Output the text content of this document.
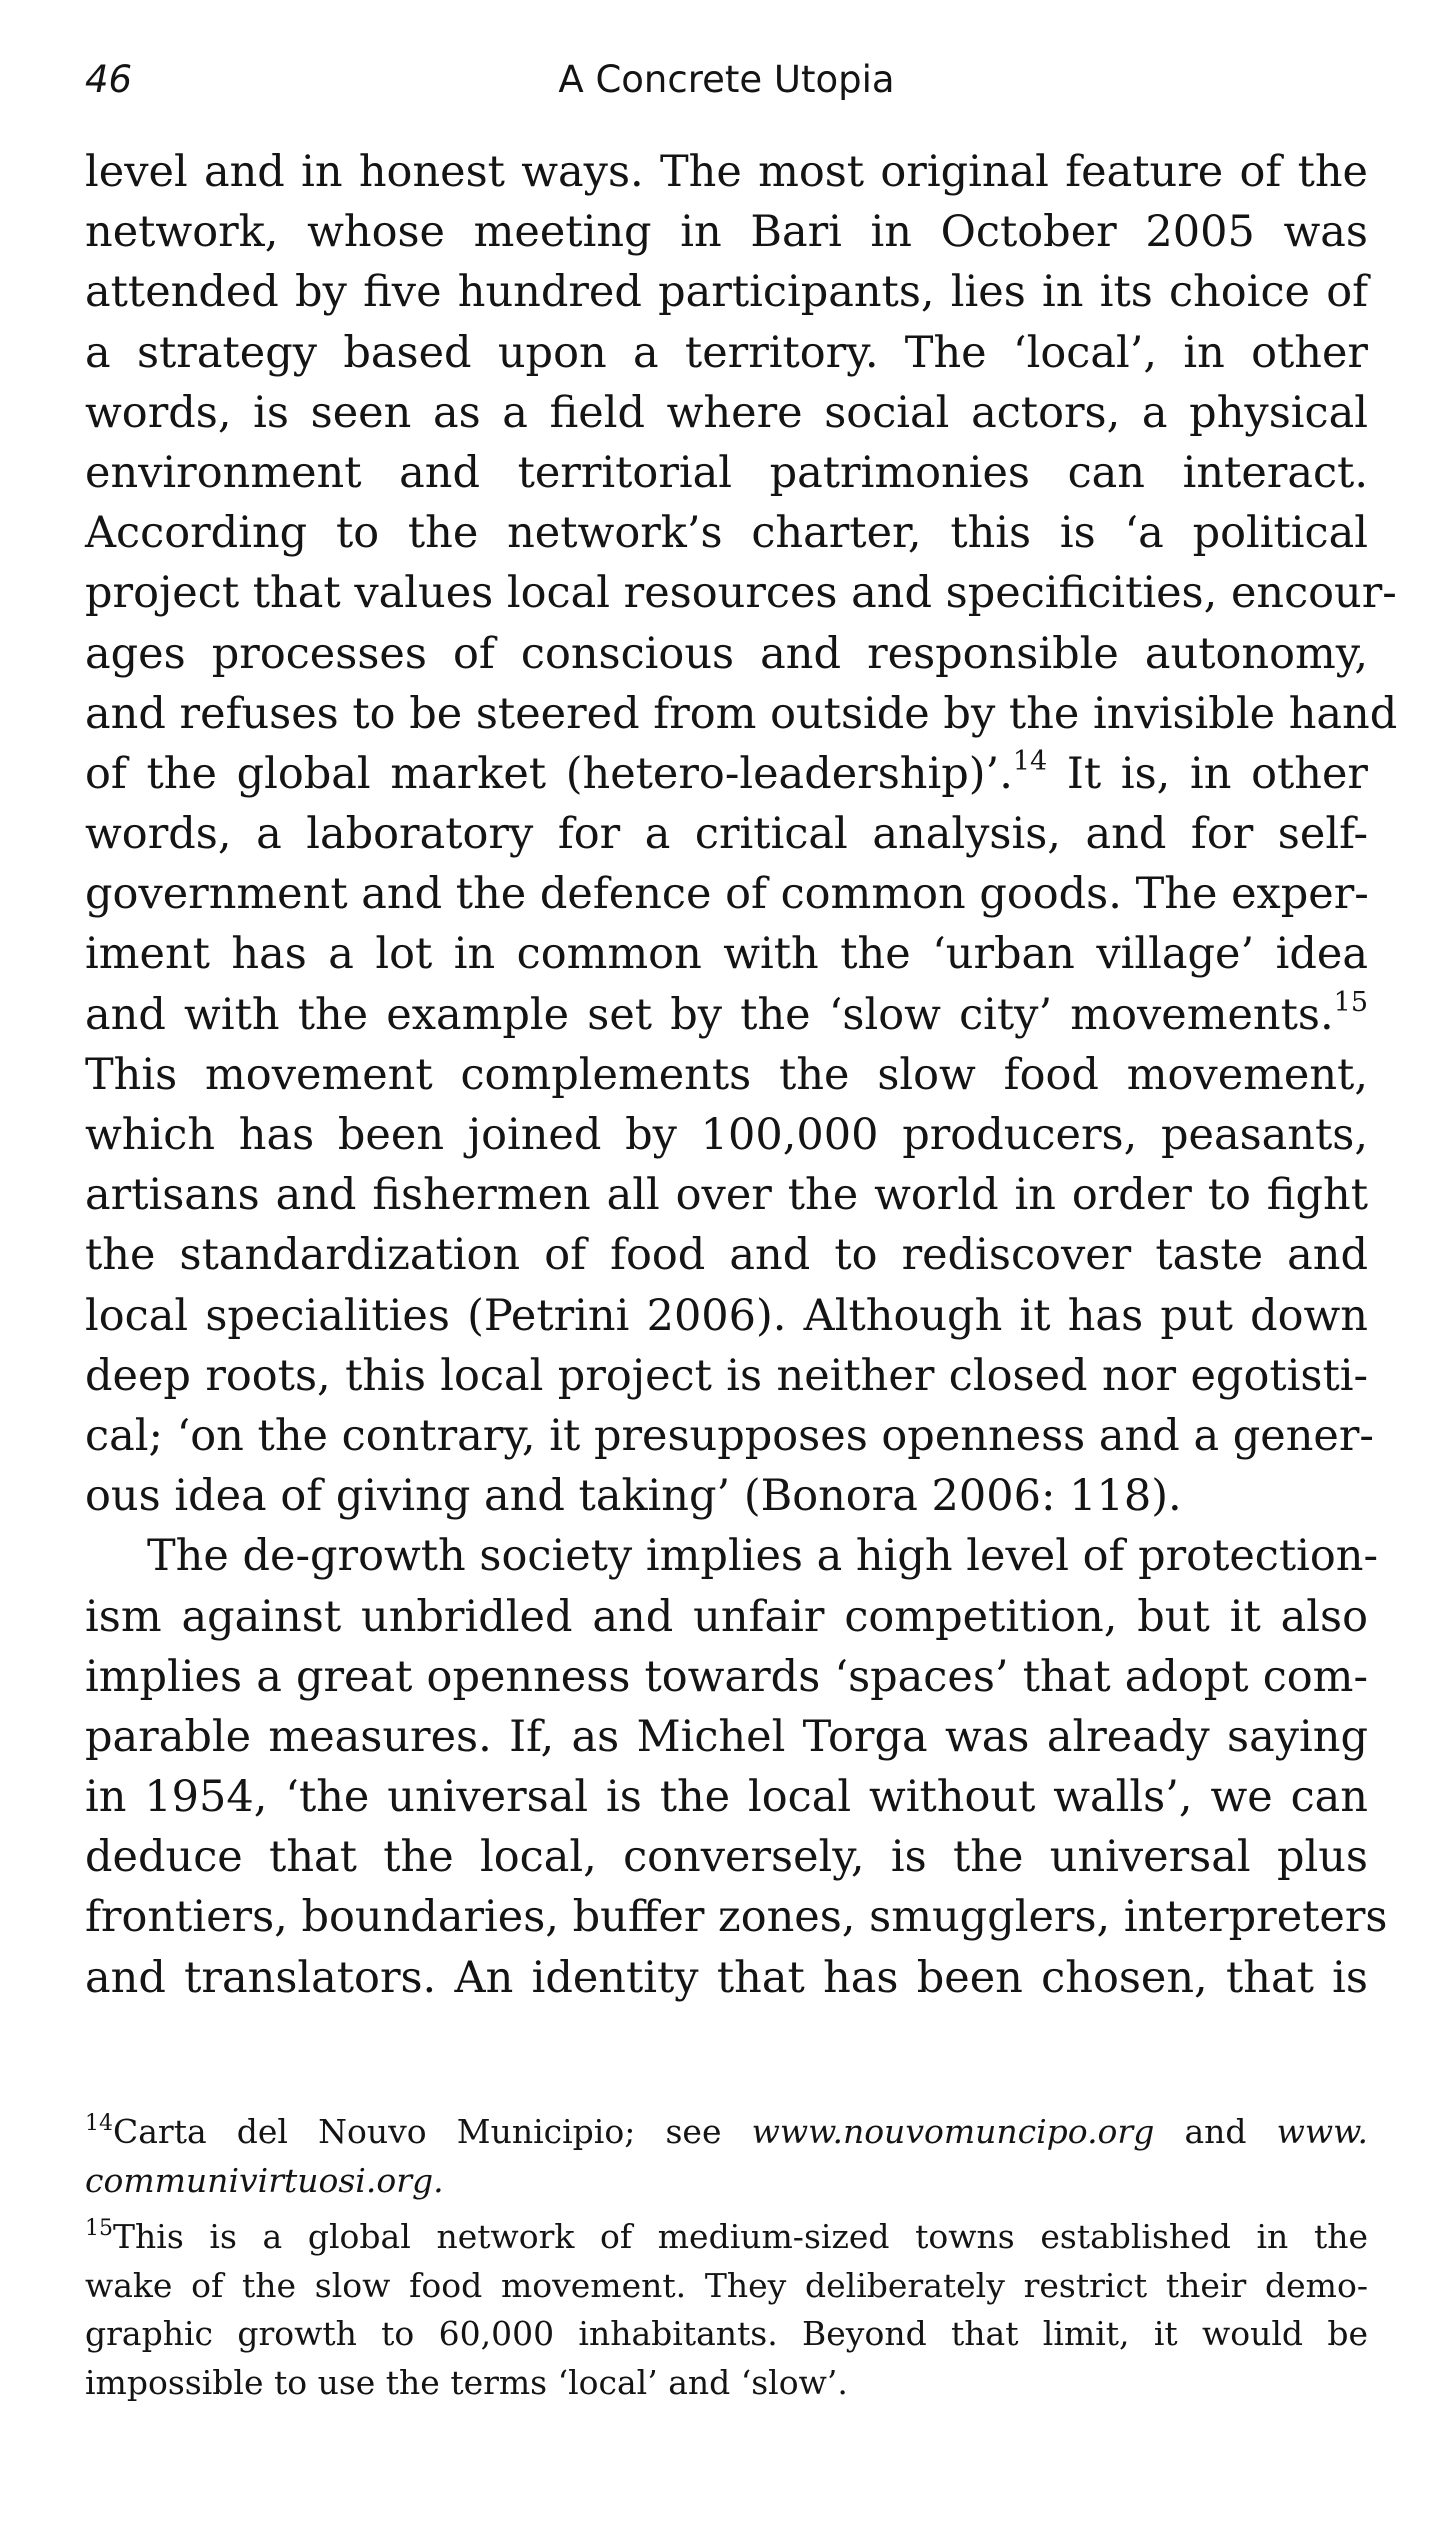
46	A Concrete Utopia
level and in honest ways. The most original feature of the
network, whose meeting in Bari in October 2005 was
attended by five hundred participants, lies in its choice of
a strategy based upon a territory. The ‘local’, in other
words, is seen as a field where social actors, a physical
environment and territorial patrimonies can interact.
According to the network’s charter, this is ‘a political
project that values local resources and specificities, encour-
ages processes of conscious and responsible autonomy,
and refuses to be steered from outside by the invisible hand
of the global market (hetero-leadership)’.$^{14}$ It is, in other
words, a laboratory for a critical analysis, and for self-
government and the defence of common goods. The exper-
iment has a lot in common with the ‘urban village’ idea
and with the example set by the ‘slow city’ movements.$^{15}$
This movement complements the slow food movement,
which has been joined by 100,000 producers, peasants,
artisans and fishermen all over the world in order to fight
the standardization of food and to rediscover taste and
local specialities (Petrini 2006). Although it has put down
deep roots, this local project is neither closed nor egotisti-
cal; ‘on the contrary, it presupposes openness and a gener-
ous idea of giving and taking’ (Bonora 2006: 118).
The de-growth society implies a high level of protection-
ism against unbridled and unfair competition, but it also
implies a great openness towards ‘spaces’ that adopt com-
parable measures. If, as Michel Torga was already saying
in 1954, ‘the universal is the local without walls’, we can
deduce that the local, conversely, is the universal plus
frontiers, boundaries, buffer zones, smugglers, interpreters
and translators. An identity that has been chosen, that is
$^{14}$Carta del Nouvo Municipio; see www.nouvomuncipo.org and www.
communivirtuosi.org.
$^{15}$This is a global network of medium-sized towns established in the
wake of the slow food movement. They deliberately restrict their demo-
graphic growth to 60,000 inhabitants. Beyond that limit, it would be
impossible to use the terms ‘local’ and ‘slow’.
